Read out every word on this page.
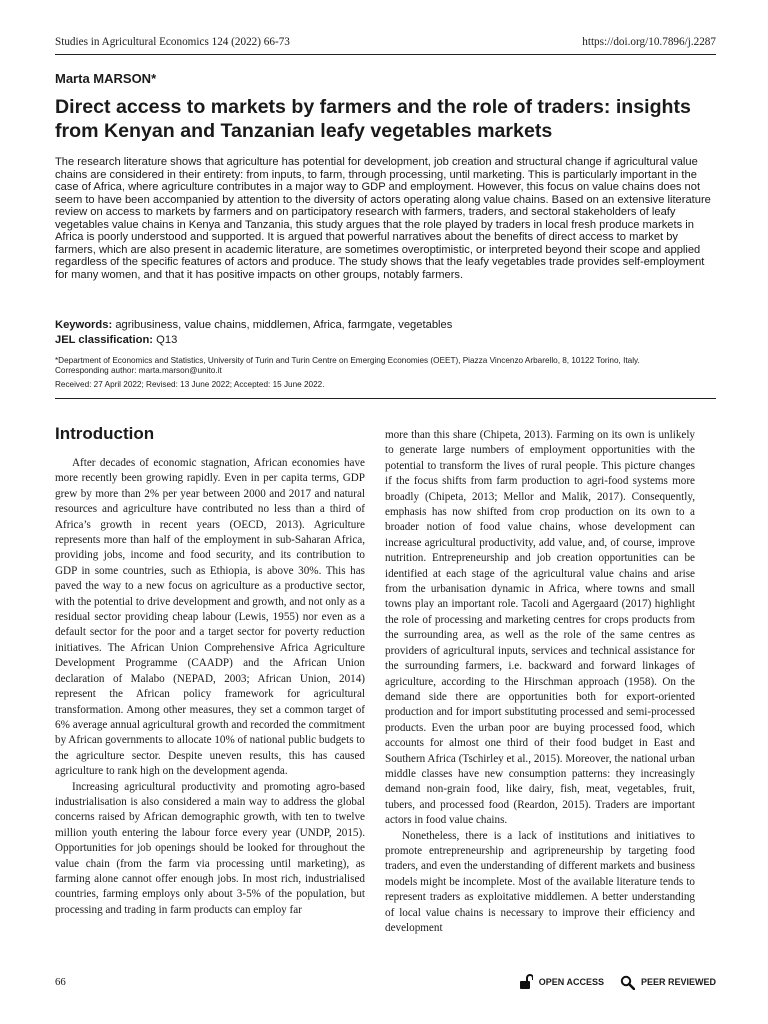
Studies in Agricultural Economics 124 (2022) 66-73	https://doi.org/10.7896/j.2287
Marta MARSON*
Direct access to markets by farmers and the role of traders: insights from Kenyan and Tanzanian leafy vegetables markets

The research literature shows that agriculture has potential for development, job creation and structural change if agricultural value chains are considered in their entirety: from inputs, to farm, through processing, until marketing. This is particularly important in the case of Africa, where agriculture contributes in a major way to GDP and employment. However, this focus on value chains does not seem to have been accompanied by attention to the diversity of actors operating along value chains. Based on an extensive literature review on access to markets by farmers and on participatory research with farmers, traders, and sectoral stakeholders of leafy vegetables value chains in Kenya and Tanzania, this study argues that the role played by traders in local fresh produce markets in Africa is poorly understood and supported. It is argued that powerful narratives about the benefits of direct access to market by farmers, which are also present in academic literature, are sometimes overoptimistic, or interpreted beyond their scope and applied regardless of the specific features of actors and produce. The study shows that the leafy vegetables trade provides self-employment for many women, and that it has positive impacts on other groups, notably farmers.

Keywords: agribusiness, value chains, middlemen, Africa, farmgate, vegetables
JEL classification: Q13
*Department of Economics and Statistics, University of Turin and Turin Centre on Emerging Economies (OEET), Piazza Vincenzo Arbarello, 8, 10122 Torino, Italy.
Corresponding author: marta.marson@unito.it
Received: 27 April 2022; Revised: 13 June 2022; Accepted: 15 June 2022.
Introduction

After decades of economic stagnation, African economies have more recently been growing rapidly. Even in per capita terms, GDP grew by more than 2% per year between 2000 and 2017 and natural resources and agriculture have contributed no less than a third of Africa’s growth in recent years (OECD, 2013). Agriculture represents more than half of the employment in sub-Saharan Africa, providing jobs, income and food security, and its contribution to GDP in some countries, such as Ethiopia, is above 30%. This has paved the way to a new focus on agriculture as a productive sector, with the potential to drive development and growth, and not only as a residual sector providing cheap labour (Lewis, 1955) nor even as a default sector for the poor and a target sector for poverty reduction initiatives. The African Union Comprehensive Africa Agriculture Development Programme (CAADP) and the African Union declaration of Malabo (NEPAD, 2003; African Union, 2014) represent the African policy framework for agricultural transformation. Among other measures, they set a common target of 6% average annual agricultural growth and recorded the commitment by African governments to allocate 10% of national public budgets to the agriculture sector. Despite uneven results, this has caused agriculture to rank high on the development agenda.

Increasing agricultural productivity and promoting agro-based industrialisation is also considered a main way to address the global concerns raised by African demographic growth, with ten to twelve million youth entering the labour force every year (UNDP, 2015). Opportunities for job openings should be looked for throughout the value chain (from the farm via processing until marketing), as farming alone cannot offer enough jobs. In most rich, industrialised countries, farming employs only about 3-5% of the population, but processing and trading in farm products can employ far

more than this share (Chipeta, 2013). Farming on its own is unlikely to generate large numbers of employment opportunities with the potential to transform the lives of rural people. This picture changes if the focus shifts from farm production to agri-food systems more broadly (Chipeta, 2013; Mellor and Malik, 2017). Consequently, emphasis has now shifted from crop production on its own to a broader notion of food value chains, whose development can increase agricultural productivity, add value, and, of course, improve nutrition. Entrepreneurship and job creation opportunities can be identified at each stage of the agricultural value chains and arise from the urbanisation dynamic in Africa, where towns and small towns play an important role. Tacoli and Agergaard (2017) highlight the role of processing and marketing centres for crops products from the surrounding area, as well as the role of the same centres as providers of agricultural inputs, services and technical assistance for the surrounding farmers, i.e. backward and forward linkages of agriculture, according to the Hirschman approach (1958). On the demand side there are opportunities both for export-oriented production and for import substituting processed and semi-processed products. Even the urban poor are buying processed food, which accounts for almost one third of their food budget in East and Southern Africa (Tschirley et al., 2015). Moreover, the national urban middle classes have new consumption patterns: they increasingly demand non-grain food, like dairy, fish, meat, vegetables, fruit, tubers, and processed food (Reardon, 2015). Traders are important actors in food value chains.

Nonetheless, there is a lack of institutions and initiatives to promote entrepreneurship and agripreneurship by targeting food traders, and even the understanding of different markets and business models might be incomplete. Most of the available literature tends to represent traders as exploitative middlemen. A better understanding of local value chains is necessary to improve their efficiency and development

66	OPEN ACCESS	PEER REVIEWED
